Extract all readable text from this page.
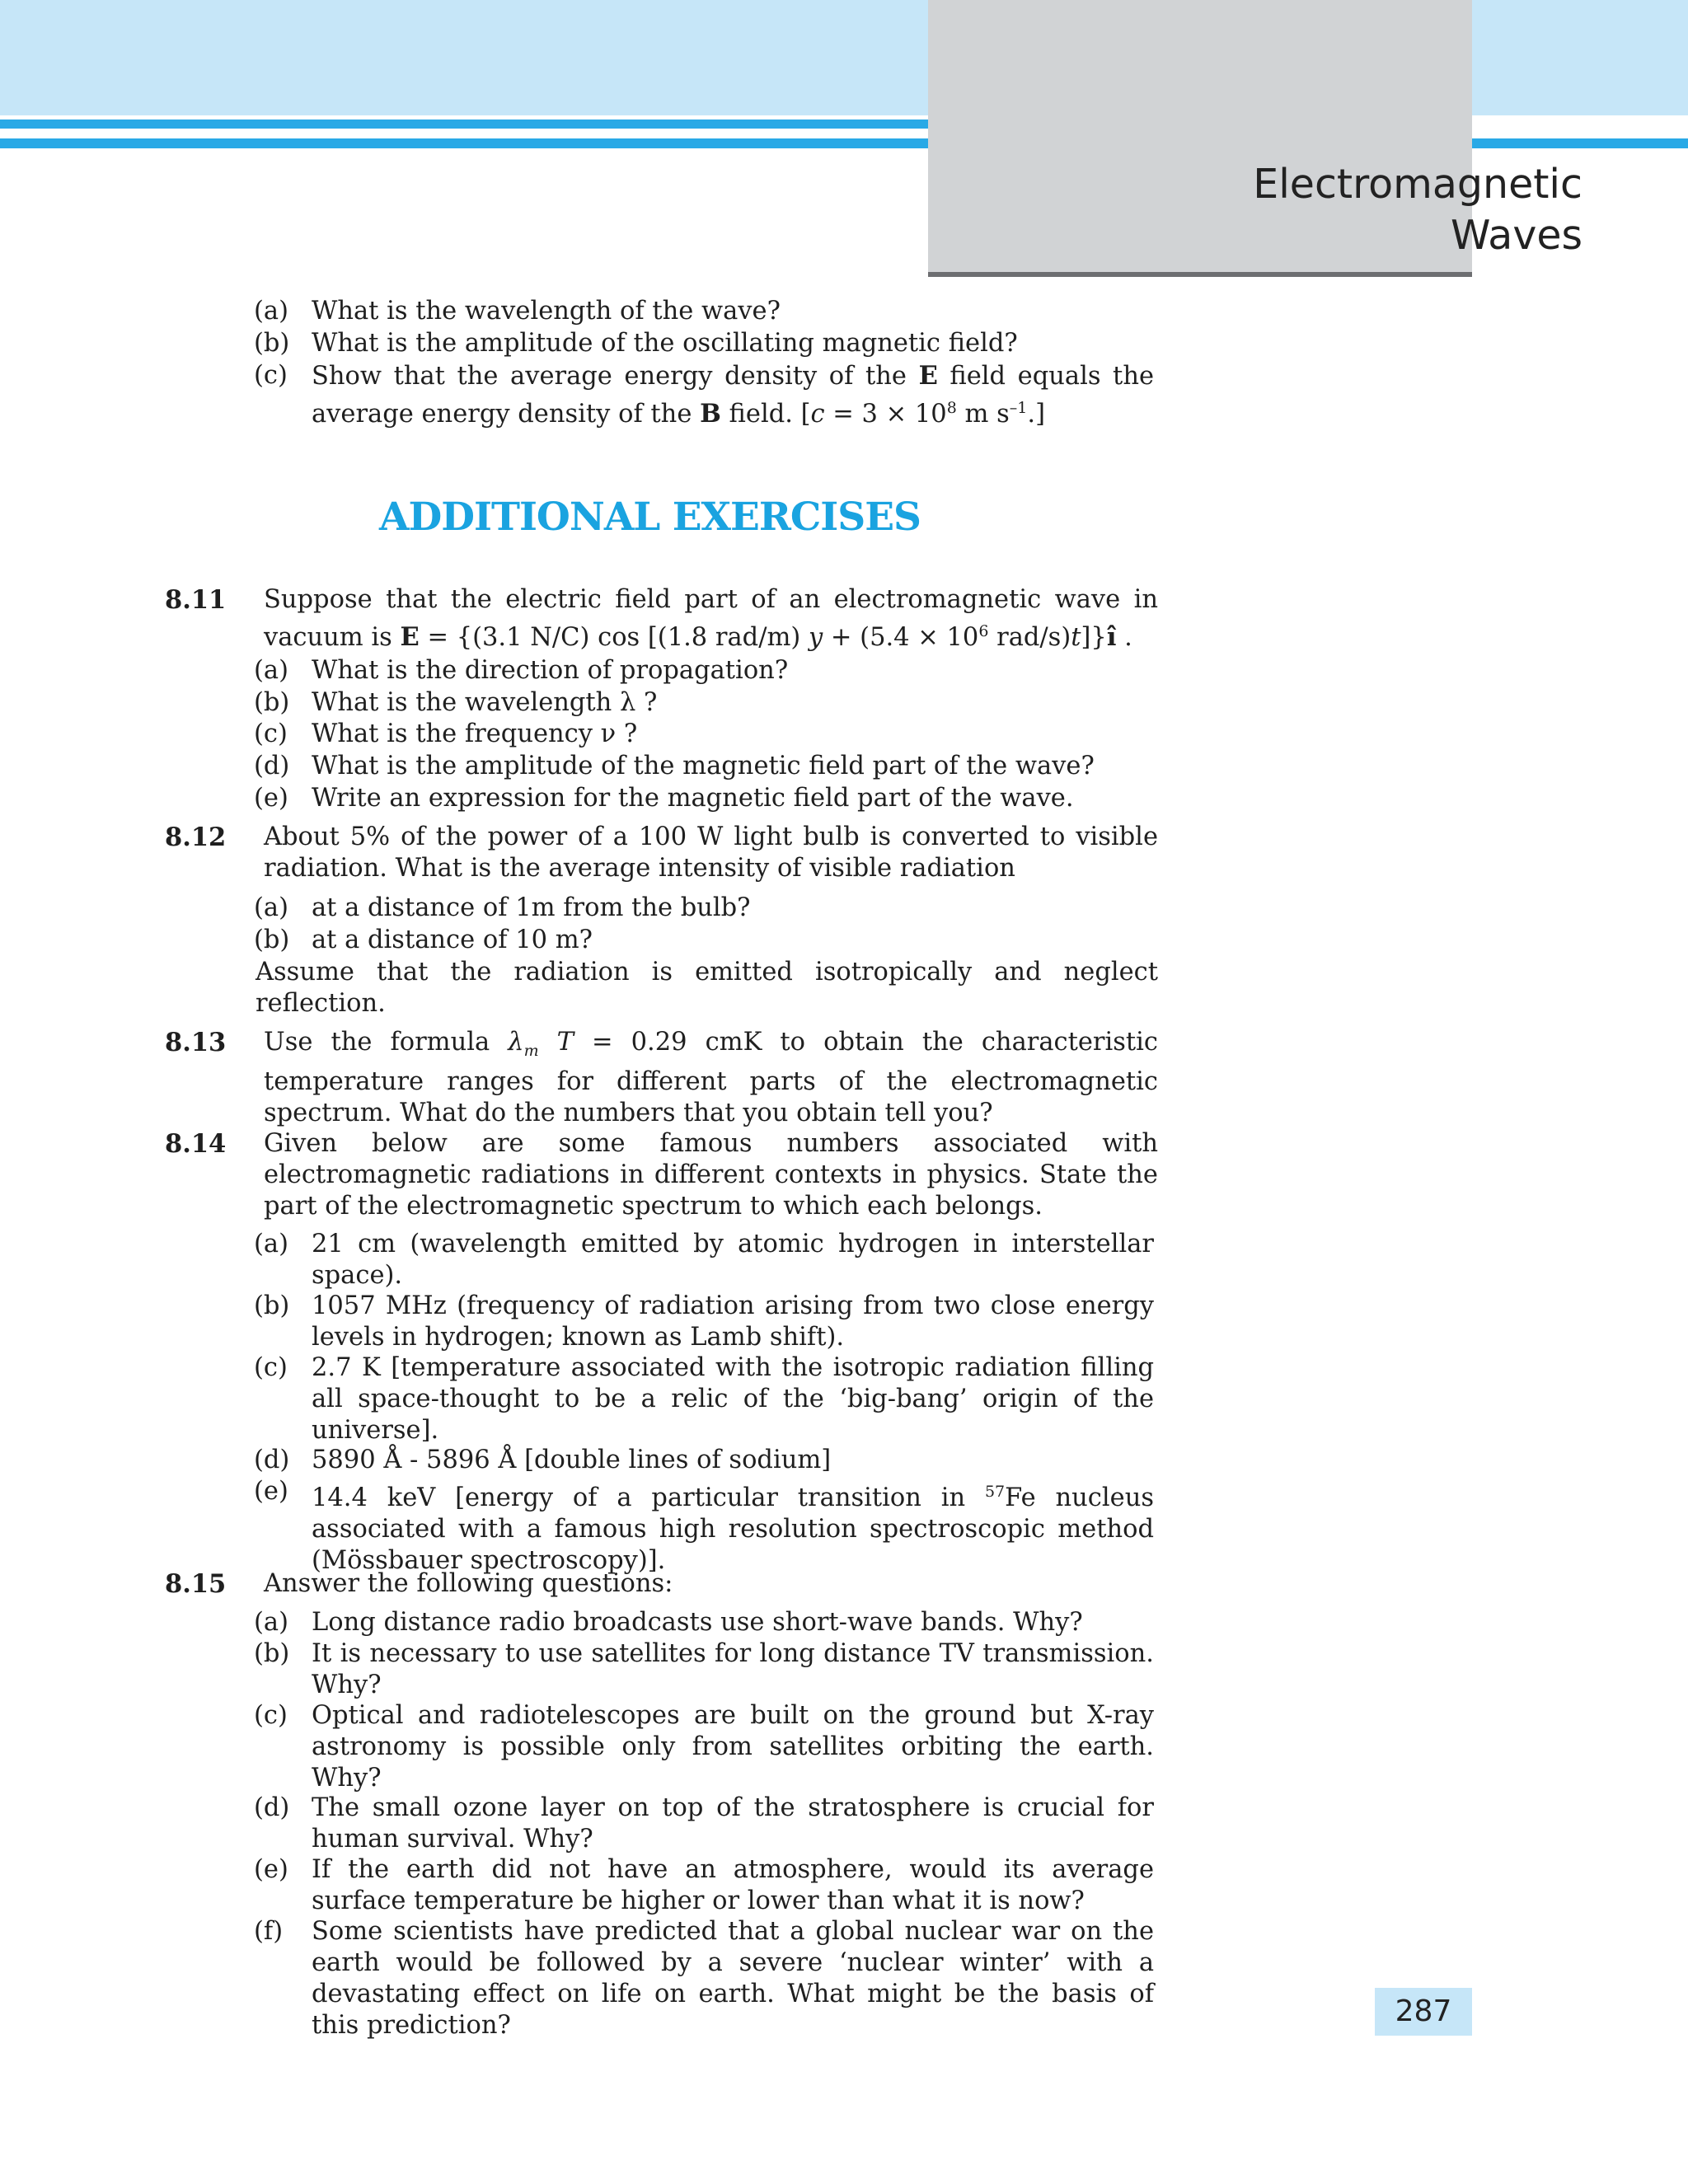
Electromagnetic
Waves
(a) What is the wavelength of the wave?
(b) What is the amplitude of the oscillating magnetic field?
(c) Show that the average energy density of the E field equals the average energy density of the B field. [$c = 3 \times 10^8$ m $s^{-1}$.]
ADDITIONAL EXERCISES
8.11 Suppose that the electric field part of an electromagnetic wave in vacuum is E = {(3.1 N/C) cos [(1.8 rad/m) $y + (5.4 \times 10^6$ rad/s)t]}î .
(a) What is the direction of propagation?
(b) What is the wavelength λ ?
(c) What is the frequency ν ?
(d) What is the amplitude of the magnetic field part of the wave?
(e) Write an expression for the magnetic field part of the wave.
8.12 About 5% of the power of a 100 W light bulb is converted to visible radiation. What is the average intensity of visible radiation
(a) at a distance of 1m from the bulb?
(b) at a distance of 10 m?
Assume that the radiation is emitted isotropically and neglect reflection.
8.13 Use the formula $\lambda_m$ T = 0.29 cmK to obtain the characteristic temperature ranges for different parts of the electromagnetic spectrum. What do the numbers that you obtain tell you?
8.14 Given below are some famous numbers associated with electromagnetic radiations in different contexts in physics. State the part of the electromagnetic spectrum to which each belongs.
(a) 21 cm (wavelength emitted by atomic hydrogen in interstellar space).
(b) 1057 MHz (frequency of radiation arising from two close energy levels in hydrogen; known as Lamb shift).
(c) 2.7 K [temperature associated with the isotropic radiation filling all space-thought to be a relic of the ‘big-bang’ origin of the universe].
(d) 5890 Å - 5896 Å [double lines of sodium]
(e) 14.4 keV [energy of a particular transition in $^{57}$Fe nucleus associated with a famous high resolution spectroscopic method (Mössbauer spectroscopy)].
8.15 Answer the following questions:
(a) Long distance radio broadcasts use short-wave bands. Why?
(b) It is necessary to use satellites for long distance TV transmission. Why?
(c) Optical and radiotelescopes are built on the ground but X-ray astronomy is possible only from satellites orbiting the earth. Why?
(d) The small ozone layer on top of the stratosphere is crucial for human survival. Why?
(e) If the earth did not have an atmosphere, would its average surface temperature be higher or lower than what it is now?
(f) Some scientists have predicted that a global nuclear war on the earth would be followed by a severe ‘nuclear winter’ with a devastating effect on life on earth. What might be the basis of this prediction?	287
